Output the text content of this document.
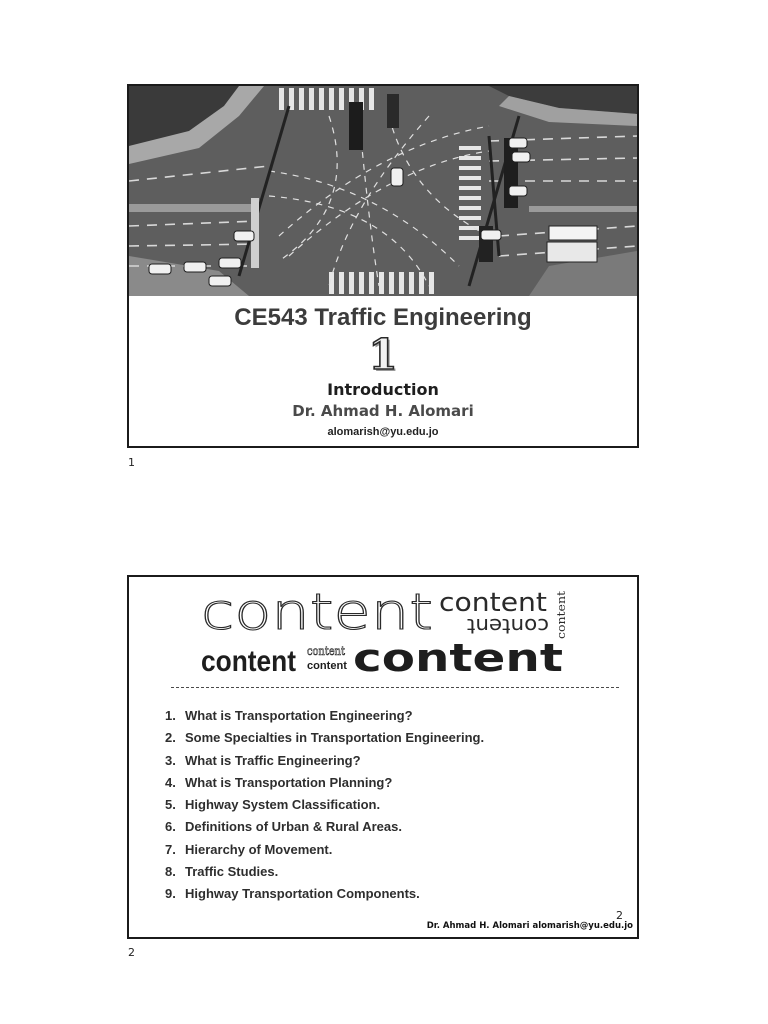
CE543 Traffic Engineering
1
Introduction
Dr. Ahmad H. Alomari
alomarish@yu.edu.jo
1
content content
content content
content content
content content
1. What is Transportation Engineering?
2. Some Specialties in Transportation Engineering.
3. What is Traffic Engineering?
4. What is Transportation Planning?
5. Highway System Classification.
6. Definitions of Urban & Rural Areas.
7. Hierarchy of Movement.
8. Traffic Studies.
9. Highway Transportation Components.
2
Dr. Ahmad H. Alomari alomarish@yu.edu.jo
2
